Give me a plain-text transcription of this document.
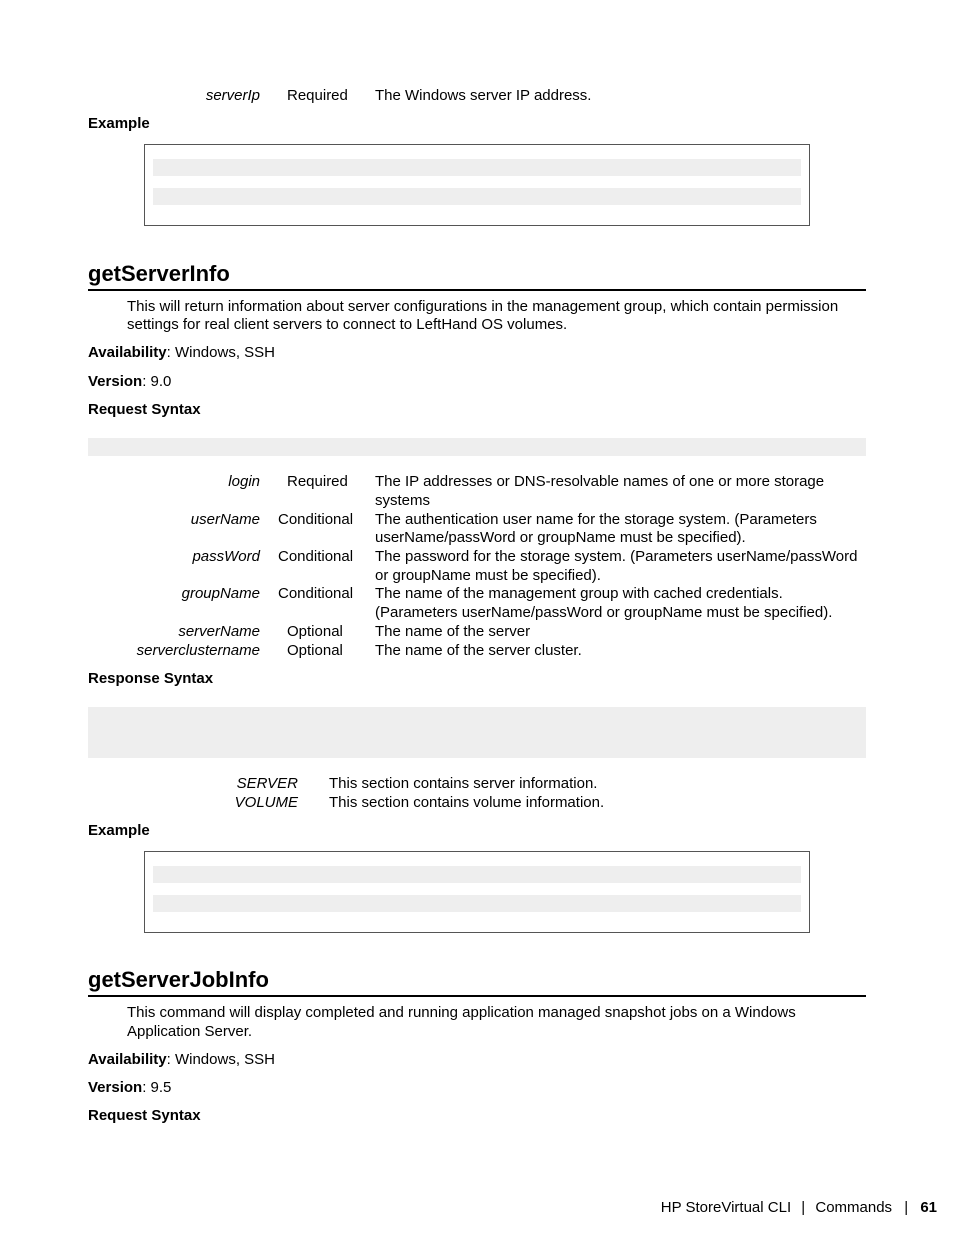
serverIp Required The Windows server IP address.
Example
getServerInfo
This will return information about server configurations in the management group, which contain permission
settings for real client servers to connect to LeftHand OS volumes.
Availability: Windows, SSH
Version: 9.0
Request Syntax
login Required The IP addresses or DNS-resolvable names of one or more storage
systems
userName Conditional The authentication user name for the storage system. (Parameters
userName/passWord or groupName must be specified).
passWord Conditional The password for the storage system. (Parameters userName/passWord
or groupName must be specified).
groupName Conditional The name of the management group with cached credentials.
(Parameters userName/passWord or groupName must be specified).
serverName Optional The name of the server
serverclustername Optional The name of the server cluster.
Response Syntax
SERVER This section contains server information.
VOLUME This section contains volume information.
Example
getServerJobInfo
This command will display completed and running application managed snapshot jobs on a Windows
Application Server.
Availability: Windows, SSH
Version: 9.5
Request Syntax
HP StoreVirtual CLI | Commands | 61
